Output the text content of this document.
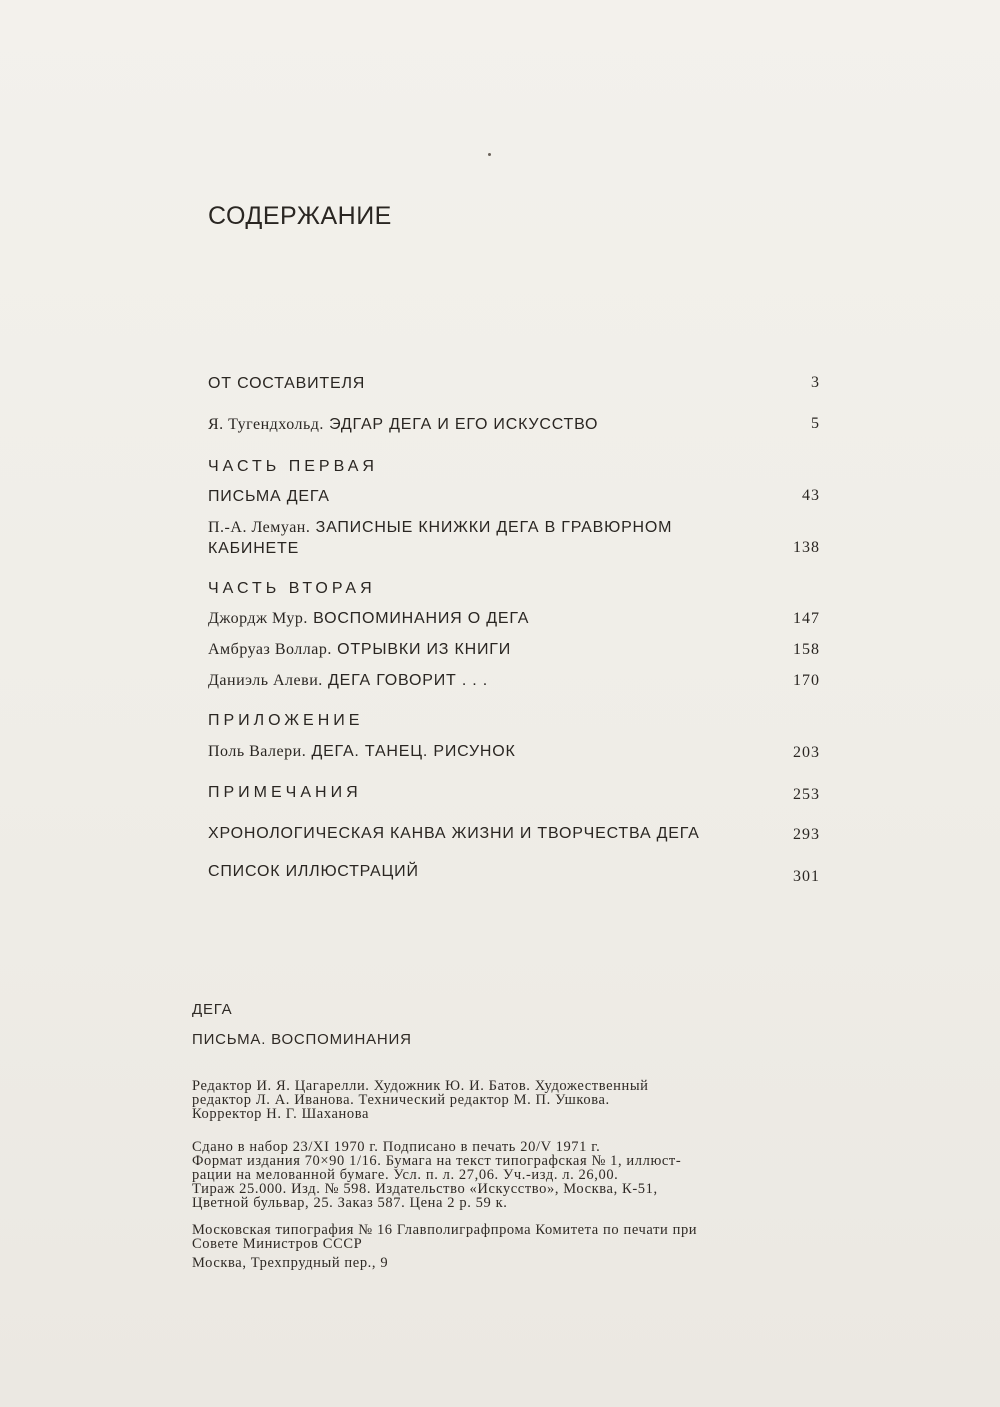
СОДЕРЖАНИЕ
ОТ СОСТАВИТЕЛЯ	3
Я. Тугендхольд. ЭДГАР ДЕГА И ЕГО ИСКУССТВО	5
ЧАСТЬ ПЕРВАЯ
ПИСЬМА ДЕГА	43
П.-А. Лемуан. ЗАПИСНЫЕ КНИЖКИ ДЕГА В ГРАВЮРНОМ
КАБИНЕТЕ	138
ЧАСТЬ ВТОРАЯ
Джордж Мур. ВОСПОМИНАНИЯ О ДЕГА	147
Амбруаз Воллар. ОТРЫВКИ ИЗ КНИГИ	158
Даниэль Алеви. ДЕГА ГОВОРИТ . . .	170
ПРИЛОЖЕНИЕ
Поль Валери. ДЕГА. ТАНЕЦ. РИСУНОК	203
ПРИМЕЧАНИЯ	253
ХРОНОЛОГИЧЕСКАЯ КАНВА ЖИЗНИ И ТВОРЧЕСТВА ДЕГА	293
СПИСОК ИЛЛЮСТРАЦИЙ	301
ДЕГА
ПИСЬМА. ВОСПОМИНАНИЯ
Редактор И. Я. Цагарелли. Художник Ю. И. Батов. Художественный
редактор Л. А. Иванова. Технический редактор М. П. Ушкова.
Корректор Н. Г. Шаханова
Сдано в набор 23/XI 1970 г. Подписано в печать 20/V 1971 г.
Формат издания 70×90 1/16. Бумага на текст типографская № 1, иллюст-
рации на мелованной бумаге. Усл. п. л. 27,06. Уч.-изд. л. 26,00.
Тираж 25.000. Изд. № 598. Издательство «Искусство», Москва, К-51,
Цветной бульвар, 25. Заказ 587. Цена 2 р. 59 к.
Московская типография № 16 Главполиграфпрома Комитета по печати при
Совете Министров СССР
Москва, Трехпрудный пер., 9
